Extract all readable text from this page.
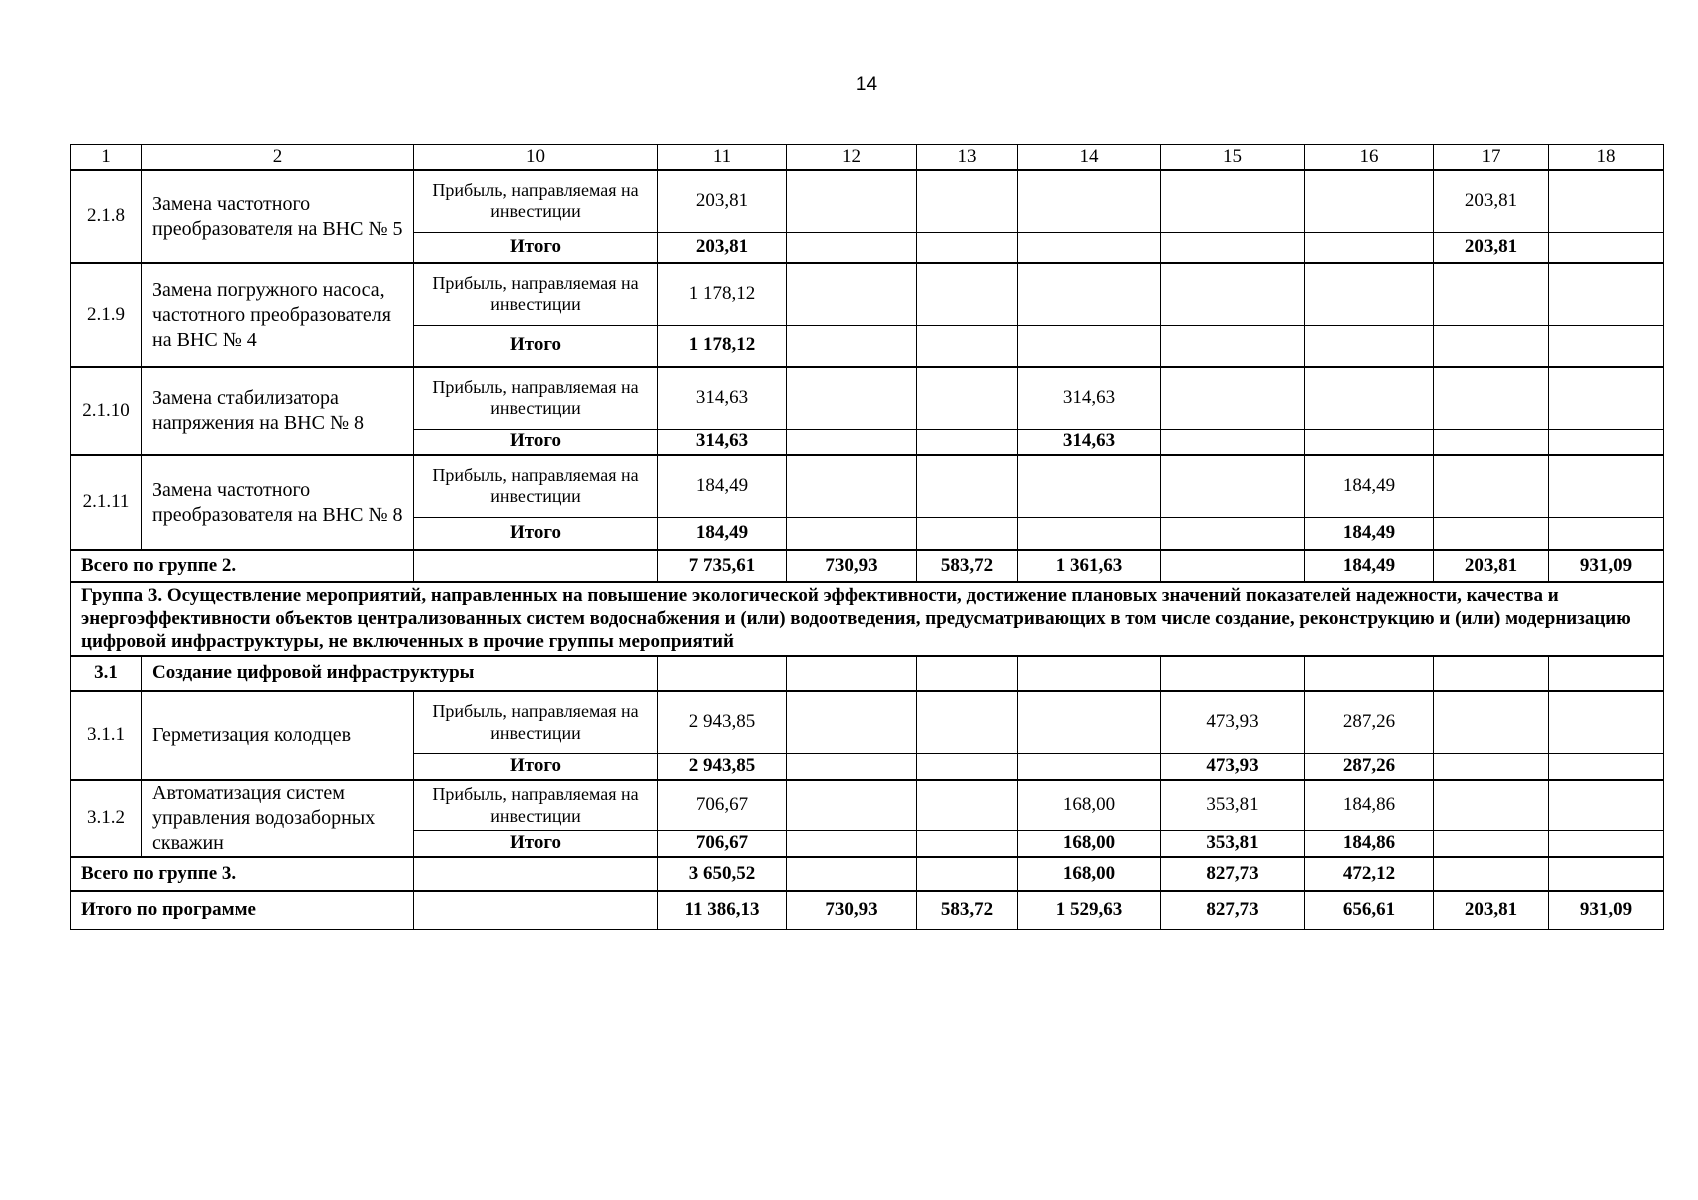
14
1	2	10	11	12	13	14	15	16	17	18
2.1.8	Замена частотного преобразователя на ВНС № 5	Прибыль, направляемая на инвестиции	203,81						203,81	
		Итого	203,81						203,81	
2.1.9	Замена погружного насоса, частотного преобразователя на ВНС № 4	Прибыль, направляемая на инвестиции	1 178,12							
		Итого	1 178,12							
2.1.10	Замена стабилизатора напряжения на ВНС № 8	Прибыль, направляемая на инвестиции	314,63			314,63				
		Итого	314,63			314,63				
2.1.11	Замена частотного преобразователя на ВНС № 8	Прибыль, направляемая на инвестиции	184,49					184,49		
		Итого	184,49					184,49		
Всего по группе 2.			7 735,61	730,93	583,72	1 361,63		184,49	203,81	931,09
Группа 3. Осуществление мероприятий, направленных на повышение экологической эффективности, достижение плановых значений показателей надежности, качества и энергоэффективности объектов централизованных систем водоснабжения и (или) водоотведения, предусматривающих в том числе создание, реконструкцию и (или) модернизацию цифровой инфраструктуры, не включенных в прочие группы мероприятий										
3.1	Создание цифровой инфраструктуры									
3.1.1	Герметизация колодцев	Прибыль, направляемая на инвестиции	2 943,85				473,93	287,26		
		Итого	2 943,85				473,93	287,26		
3.1.2	Автоматизация систем управления водозаборных скважин	Прибыль, направляемая на инвестиции	706,67			168,00	353,81	184,86		
		Итого	706,67			168,00	353,81	184,86		
Всего по группе 3.			3 650,52			168,00	827,73	472,12		
Итого по программе			11 386,13	730,93	583,72	1 529,63	827,73	656,61	203,81	931,09
